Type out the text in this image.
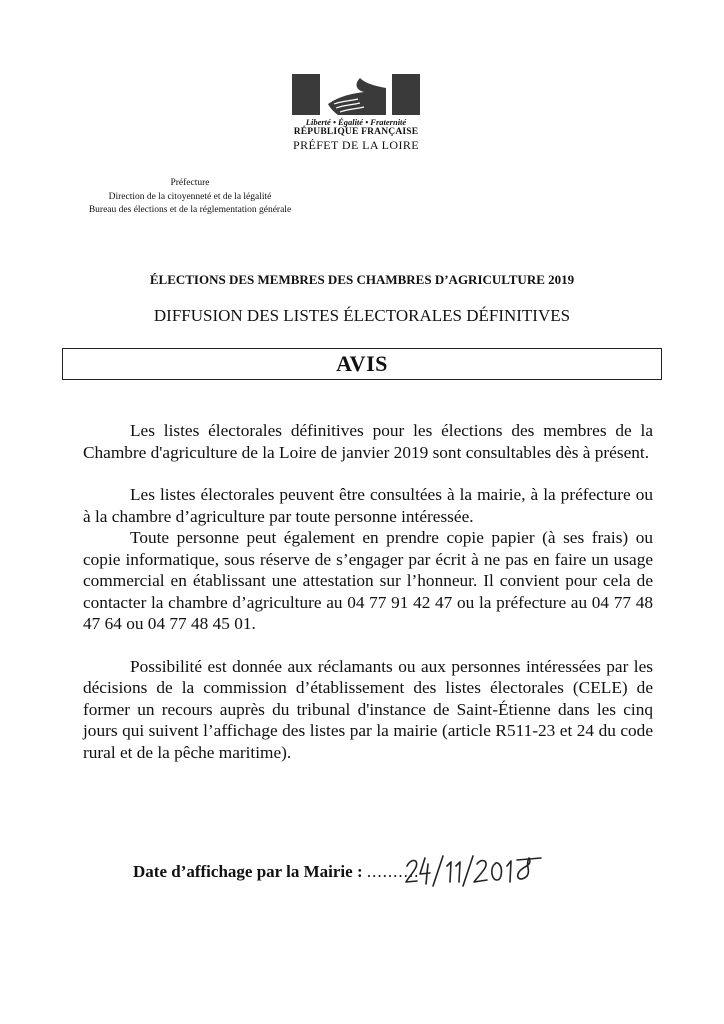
Liberté • Égalité • Fraternité
RÉPUBLIQUE FRANÇAISE
PRÉFET DE LA LOIRE
Préfecture
Direction de la citoyenneté et de la légalité
Bureau des élections et de la réglementation générale
ÉLECTIONS DES MEMBRES DES CHAMBRES D’AGRICULTURE 2019
DIFFUSION DES LISTES ÉLECTORALES DÉFINITIVES
AVIS

Les listes électorales définitives pour les élections des membres de la Chambre d'agriculture de la Loire de janvier 2019 sont consultables dès à présent.

Les listes électorales peuvent être consultées à la mairie, à la préfecture ou à la chambre d’agriculture par toute personne intéressée.

Toute personne peut également en prendre copie papier (à ses frais) ou copie informatique, sous réserve de s’engager par écrit à ne pas en faire un usage commercial en établissant une attestation sur l’honneur. Il convient pour cela de contacter la chambre d’agriculture au 04 77 91 42 47 ou la préfecture au 04 77 48 47 64 ou 04 77 48 45 01.

Possibilité est donnée aux réclamants ou aux personnes intéressées par les décisions de la commission d’établissement des listes électorales (CELE) de former un recours auprès du tribunal d'instance de Saint-Étienne dans les cinq jours qui suivent l’affichage des listes par la mairie (article R511-23 et 24 du code rural et de la pêche maritime).

Date d’affichage par la Mairie : ..........
